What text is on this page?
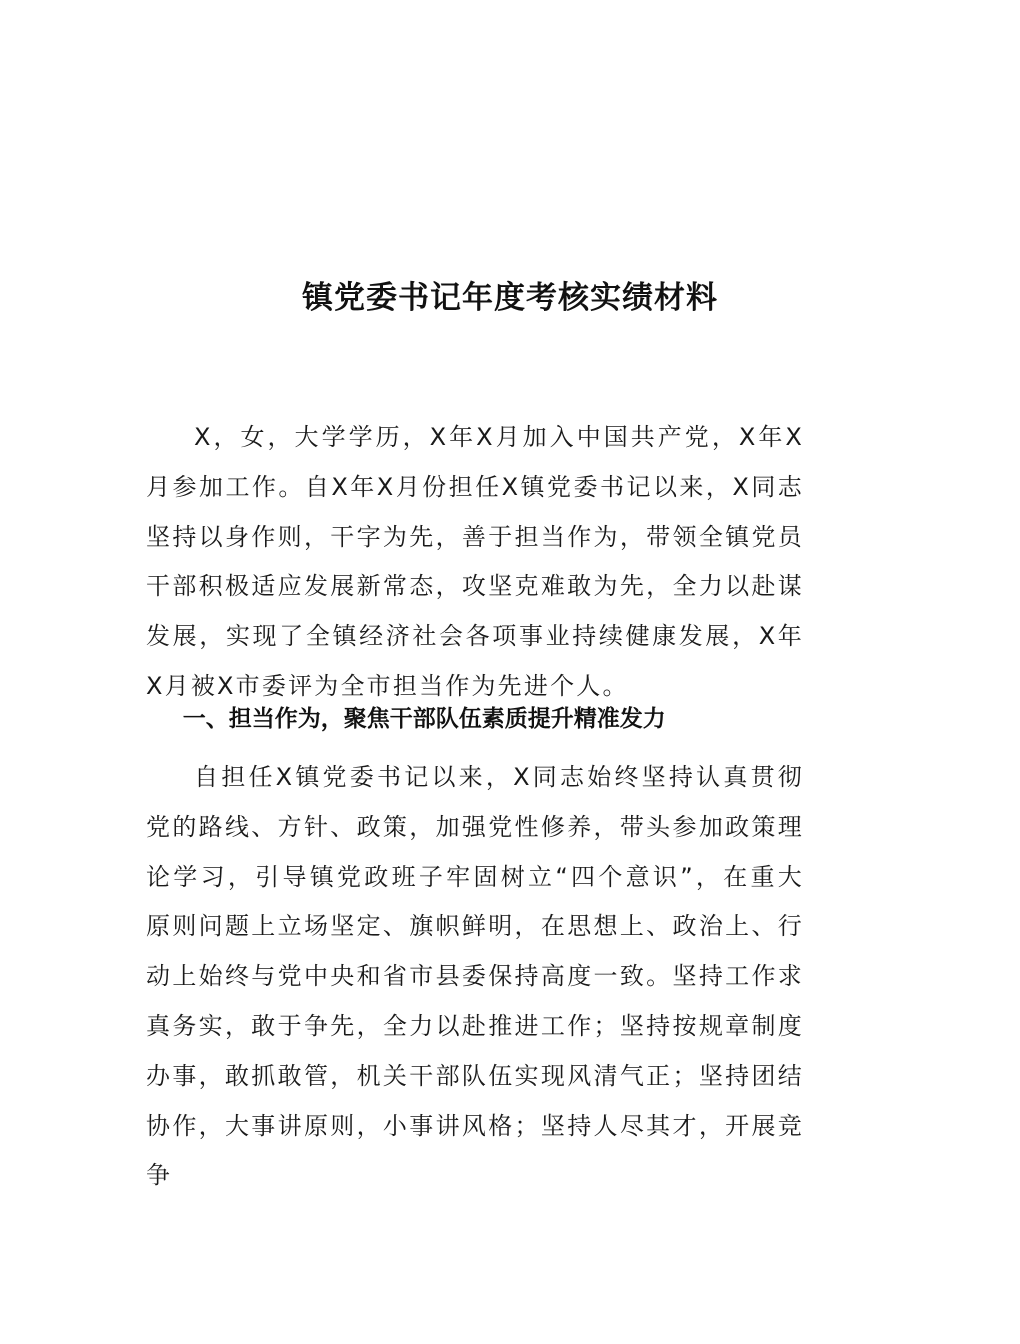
镇党委书记年度考核实绩材料

X，女，大学学历，X年X月加入中国共产党，X年X月参加工作。自X年X月份担任X镇党委书记以来，X同志坚持以身作则，干字为先，善于担当作为，带领全镇党员干部积极适应发展新常态，攻坚克难敢为先，全力以赴谋发展，实现了全镇经济社会各项事业持续健康发展，X年X月被X市委评为全市担当作为先进个人。

一、担当作为，聚焦干部队伍素质提升精准发力

自担任X镇党委书记以来，X同志始终坚持认真贯彻党的路线、方针、政策，加强党性修养，带头参加政策理论学习，引导镇党政班子牢固树立“四个意识”，在重大原则问题上立场坚定、旗帜鲜明，在思想上、政治上、行动上始终与党中央和省市县委保持高度一致。坚持工作求真务实，敢于争先，全力以赴推进工作；坚持按规章制度办事，敢抓敢管，机关干部队伍实现风清气正；坚持团结协作，大事讲原则，小事讲风格；坚持人尽其才，开展竞争
